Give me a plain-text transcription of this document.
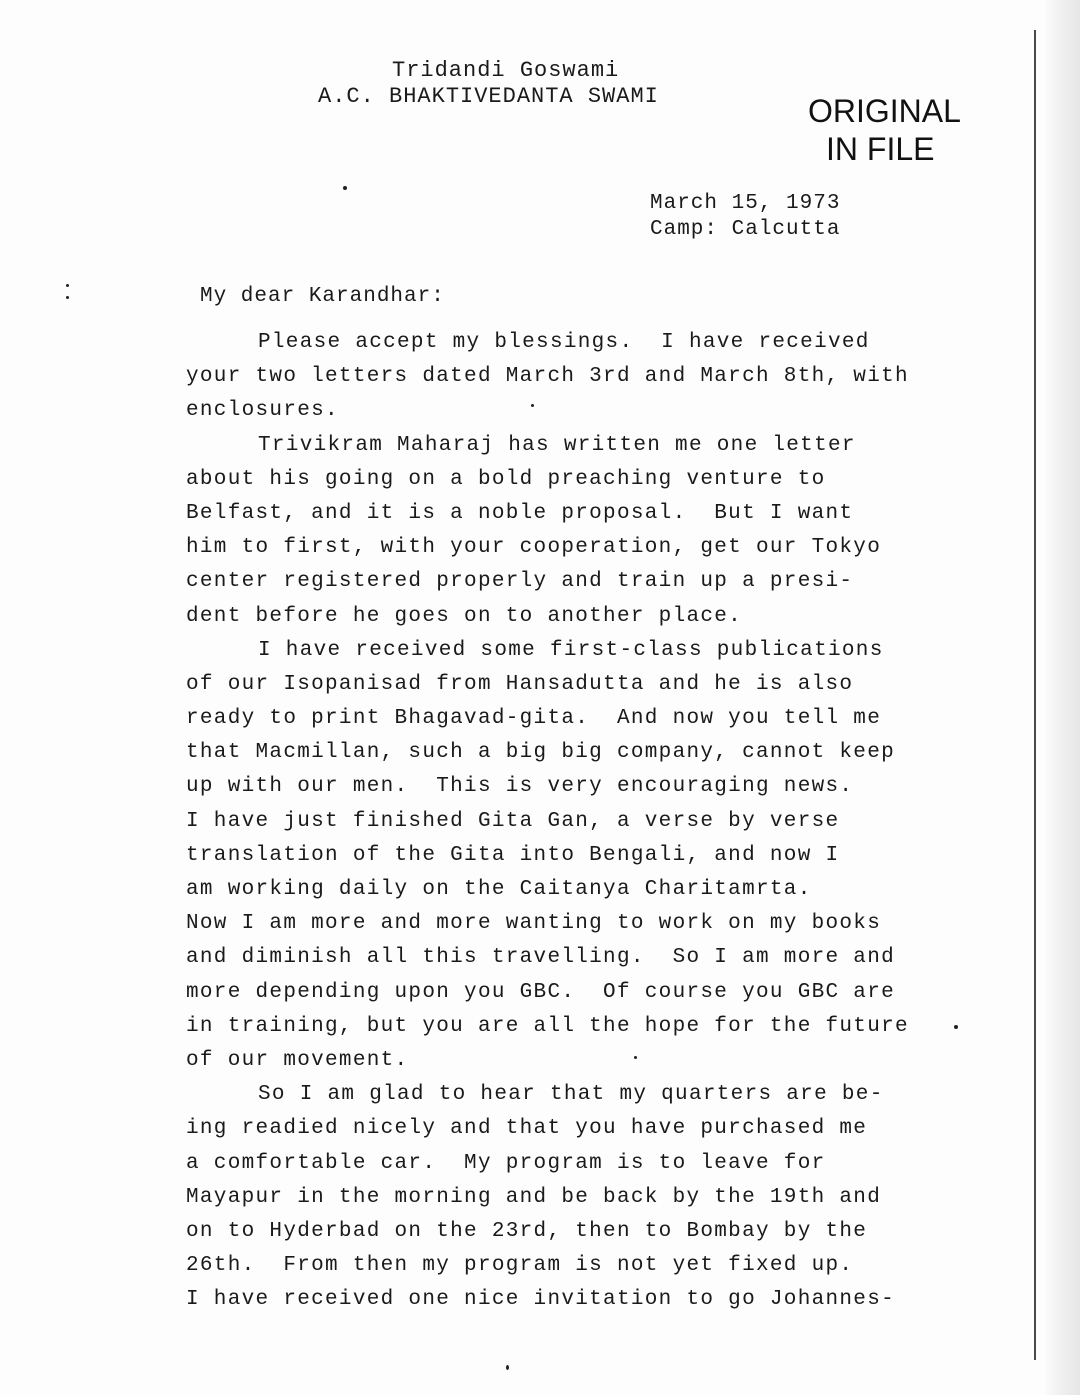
Tridandi Goswami
A.C. BHAKTIVEDANTA SWAMI	ORIGINAL
IN FILE
March 15, 1973
Camp: Calcutta
My dear Karandhar:
Please accept my blessings.  I have received
your two letters dated March 3rd and March 8th, with
enclosures.
Trivikram Maharaj has written me one letter
about his going on a bold preaching venture to
Belfast, and it is a noble proposal.  But I want
him to first, with your cooperation, get our Tokyo
center registered properly and train up a presi-
dent before he goes on to another place.
I have received some first-class publications
of our Isopanisad from Hansadutta and he is also
ready to print Bhagavad-gita.  And now you tell me
that Macmillan, such a big big company, cannot keep
up with our men.  This is very encouraging news.
I have just finished Gita Gan, a verse by verse
translation of the Gita into Bengali, and now I
am working daily on the Caitanya Charitamrta.
Now I am more and more wanting to work on my books
and diminish all this travelling.  So I am more and
more depending upon you GBC.  Of course you GBC are
in training, but you are all the hope for the future
of our movement.
So I am glad to hear that my quarters are be-
ing readied nicely and that you have purchased me
a comfortable car.  My program is to leave for
Mayapur in the morning and be back by the 19th and
on to Hyderbad on the 23rd, then to Bombay by the
26th.  From then my program is not yet fixed up.
I have received one nice invitation to go Johannes-
